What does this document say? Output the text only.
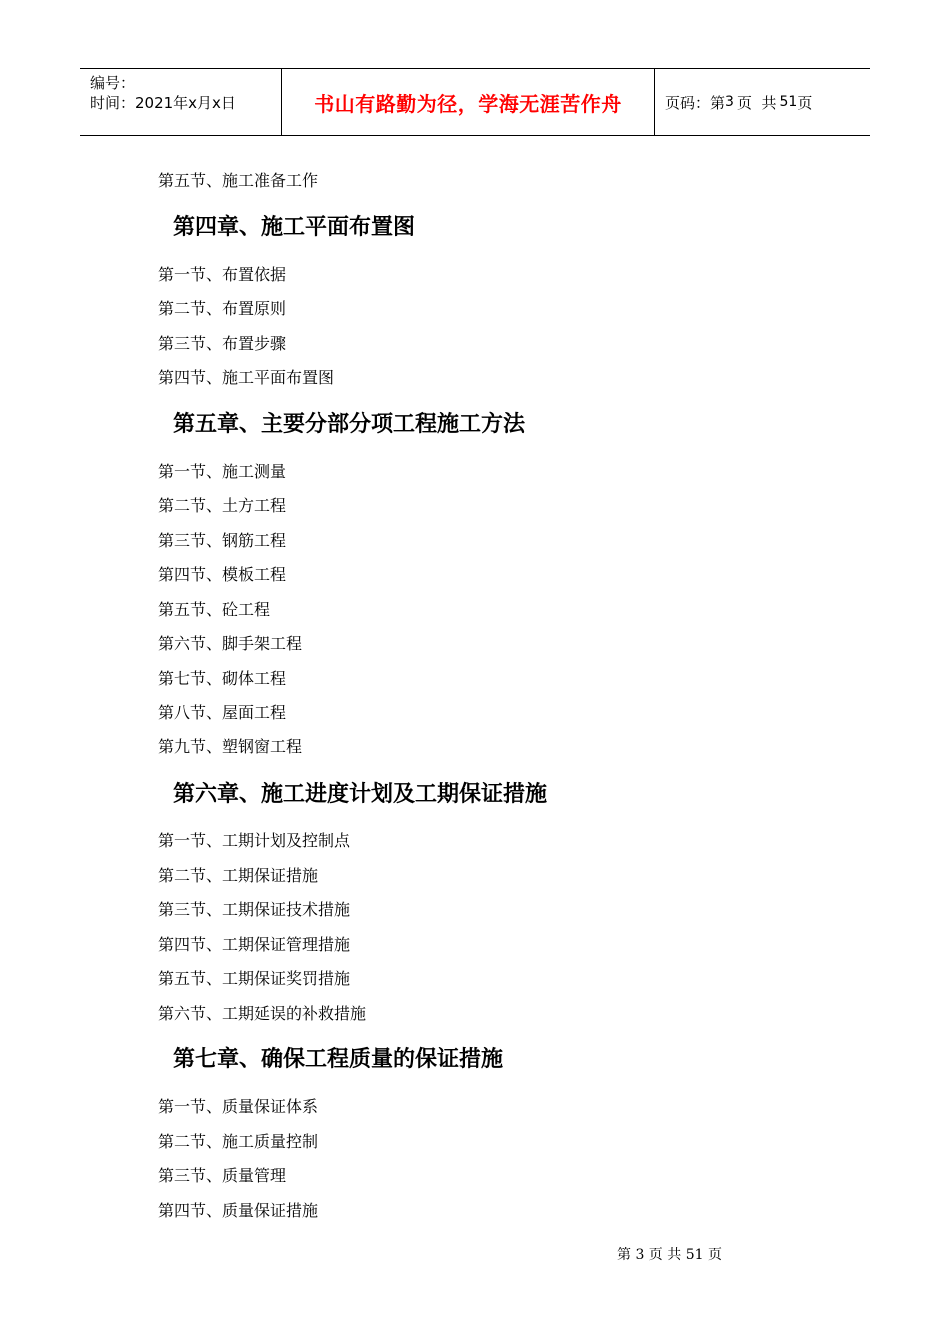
编号：
时间：2021年x月x日	书山有路勤为径，学海无涯苦作舟	页码：第 3 页  共 51 页
第五节、施工准备工作
第四章、施工平面布置图
第一节、布置依据
第二节、布置原则
第三节、布置步骤
第四节、施工平面布置图
第五章、主要分部分项工程施工方法
第一节、施工测量
第二节、土方工程
第三节、钢筋工程
第四节、模板工程
第五节、砼工程
第六节、脚手架工程
第七节、砌体工程
第八节、屋面工程
第九节、塑钢窗工程
第六章、施工进度计划及工期保证措施
第一节、工期计划及控制点
第二节、工期保证措施
第三节、工期保证技术措施
第四节、工期保证管理措施
第五节、工期保证奖罚措施
第六节、工期延误的补救措施
第七章、确保工程质量的保证措施
第一节、质量保证体系
第二节、施工质量控制
第三节、质量管理
第四节、质量保证措施
第 3 页 共 51 页
